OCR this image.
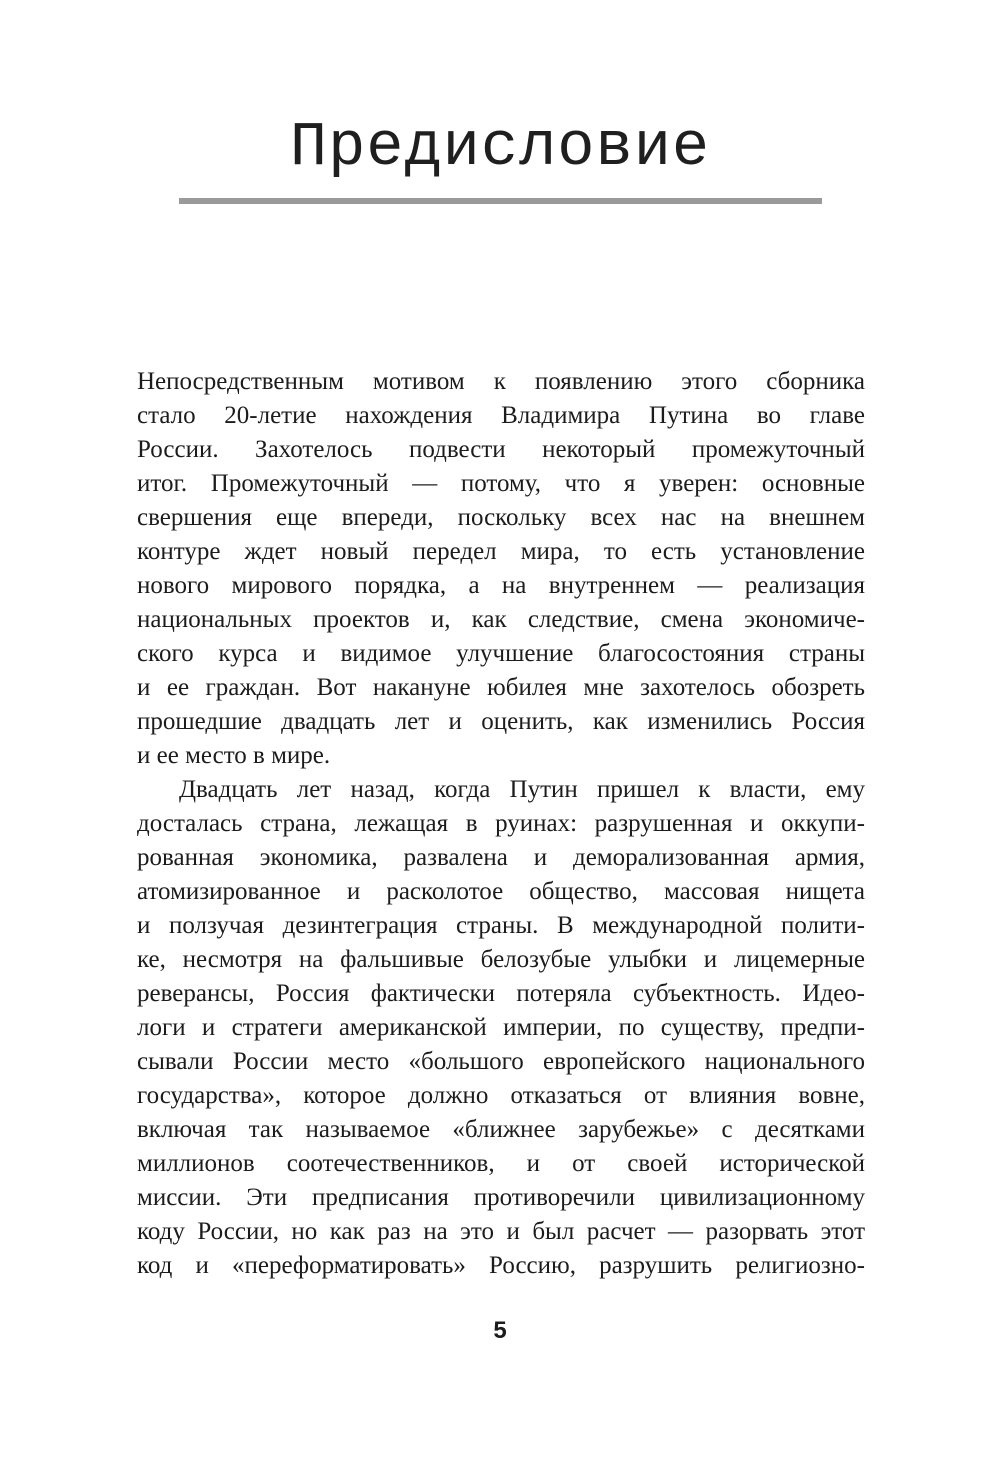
Предисловие
Непосредственным мотивом к появлению этого сборника
стало 20-летие нахождения Владимира Путина во главе
России. Захотелось подвести некоторый промежуточный
итог. Промежуточный — потому, что я уверен: основные
свершения еще впереди, поскольку всех нас на внешнем
контуре ждет новый передел мира, то есть установление
нового мирового порядка, а на внутреннем — реализация
национальных проектов и, как следствие, смена экономиче-
ского курса и видимое улучшение благосостояния страны
и ее граждан. Вот накануне юбилея мне захотелось обозреть
прошедшие двадцать лет и оценить, как изменились Россия
и ее место в мире.
Двадцать лет назад, когда Путин пришел к власти, ему
досталась страна, лежащая в руинах: разрушенная и оккупи-
рованная экономика, развалена и деморализованная армия,
атомизированное и расколотое общество, массовая нищета
и ползучая дезинтеграция страны. В международной полити-
ке, несмотря на фальшивые белозубые улыбки и лицемерные
реверансы, Россия фактически потеряла субъектность. Идео-
логи и стратеги американской империи, по существу, предпи-
сывали России место «большого европейского национального
государства», которое должно отказаться от влияния вовне,
включая так называемое «ближнее зарубежье» с десятками
миллионов соотечественников, и от своей исторической
миссии. Эти предписания противоречили цивилизационному
коду России, но как раз на это и был расчет — разорвать этот
код и «переформатировать» Россию, разрушить религиозно-
5
